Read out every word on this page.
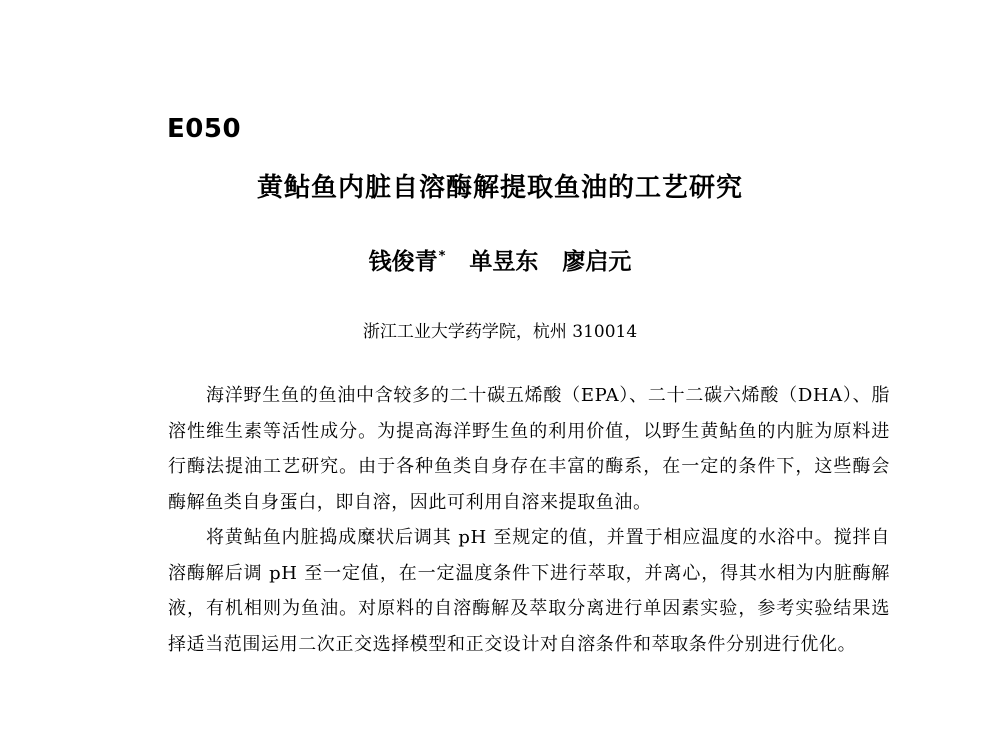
E050
黄鲇鱼内脏自溶酶解提取鱼油的工艺研究
钱俊青* 单昱东 廖启元
浙江工业大学药学院，杭州 310014

海洋野生鱼的鱼油中含较多的二十碳五烯酸（EPA）、二十二碳六烯酸（DHA）、脂溶性维生素等活性成分。为提高海洋野生鱼的利用价值，以野生黄鲇鱼的内脏为原料进行酶法提油工艺研究。由于各种鱼类自身存在丰富的酶系，在一定的条件下，这些酶会酶解鱼类自身蛋白，即自溶，因此可利用自溶来提取鱼油。

将黄鲇鱼内脏捣成糜状后调其 pH 至规定的值，并置于相应温度的水浴中。搅拌自溶酶解后调 pH 至一定值，在一定温度条件下进行萃取，并离心，得其水相为内脏酶解液，有机相则为鱼油。对原料的自溶酶解及萃取分离进行单因素实验，参考实验结果选择适当范围运用二次正交选择模型和正交设计对自溶条件和萃取条件分别进行优化。
